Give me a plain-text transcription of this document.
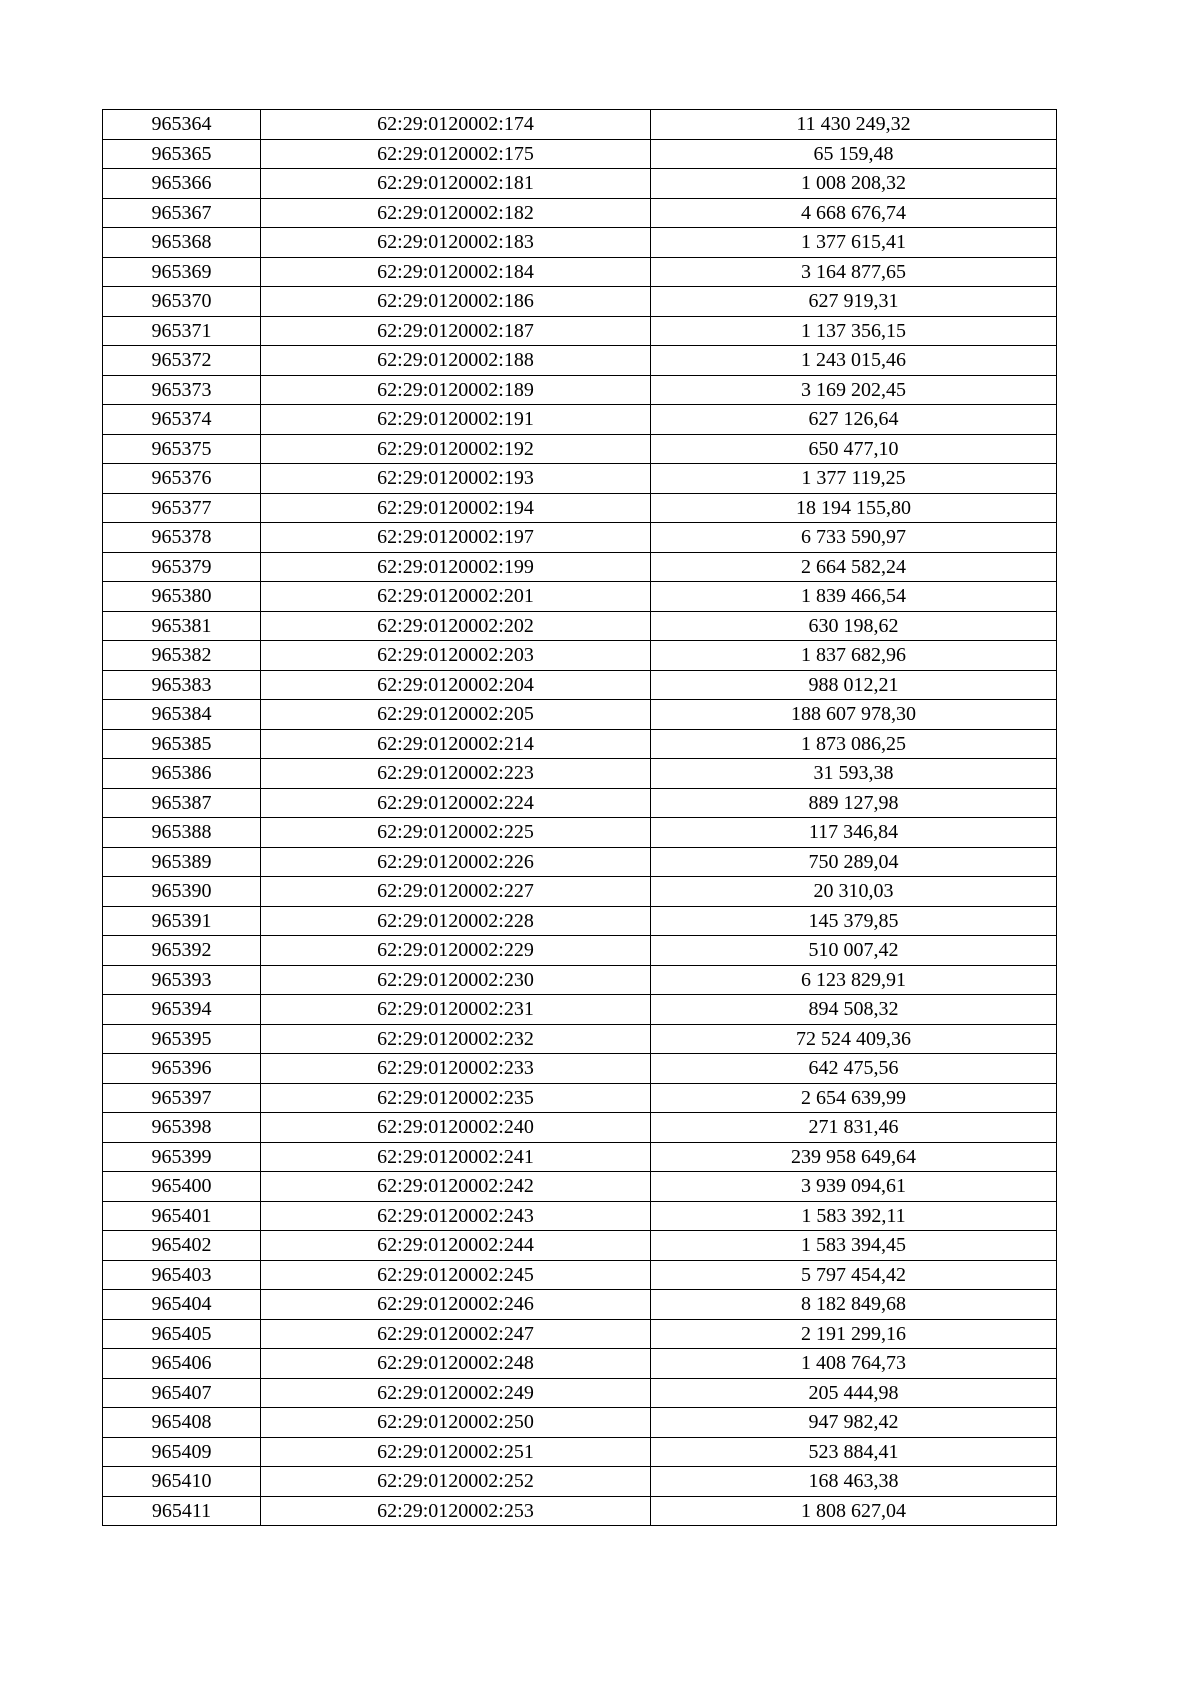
965364	62:29:0120002:174	11 430 249,32
965365	62:29:0120002:175	65 159,48
965366	62:29:0120002:181	1 008 208,32
965367	62:29:0120002:182	4 668 676,74
965368	62:29:0120002:183	1 377 615,41
965369	62:29:0120002:184	3 164 877,65
965370	62:29:0120002:186	627 919,31
965371	62:29:0120002:187	1 137 356,15
965372	62:29:0120002:188	1 243 015,46
965373	62:29:0120002:189	3 169 202,45
965374	62:29:0120002:191	627 126,64
965375	62:29:0120002:192	650 477,10
965376	62:29:0120002:193	1 377 119,25
965377	62:29:0120002:194	18 194 155,80
965378	62:29:0120002:197	6 733 590,97
965379	62:29:0120002:199	2 664 582,24
965380	62:29:0120002:201	1 839 466,54
965381	62:29:0120002:202	630 198,62
965382	62:29:0120002:203	1 837 682,96
965383	62:29:0120002:204	988 012,21
965384	62:29:0120002:205	188 607 978,30
965385	62:29:0120002:214	1 873 086,25
965386	62:29:0120002:223	31 593,38
965387	62:29:0120002:224	889 127,98
965388	62:29:0120002:225	117 346,84
965389	62:29:0120002:226	750 289,04
965390	62:29:0120002:227	20 310,03
965391	62:29:0120002:228	145 379,85
965392	62:29:0120002:229	510 007,42
965393	62:29:0120002:230	6 123 829,91
965394	62:29:0120002:231	894 508,32
965395	62:29:0120002:232	72 524 409,36
965396	62:29:0120002:233	642 475,56
965397	62:29:0120002:235	2 654 639,99
965398	62:29:0120002:240	271 831,46
965399	62:29:0120002:241	239 958 649,64
965400	62:29:0120002:242	3 939 094,61
965401	62:29:0120002:243	1 583 392,11
965402	62:29:0120002:244	1 583 394,45
965403	62:29:0120002:245	5 797 454,42
965404	62:29:0120002:246	8 182 849,68
965405	62:29:0120002:247	2 191 299,16
965406	62:29:0120002:248	1 408 764,73
965407	62:29:0120002:249	205 444,98
965408	62:29:0120002:250	947 982,42
965409	62:29:0120002:251	523 884,41
965410	62:29:0120002:252	168 463,38
965411	62:29:0120002:253	1 808 627,04
